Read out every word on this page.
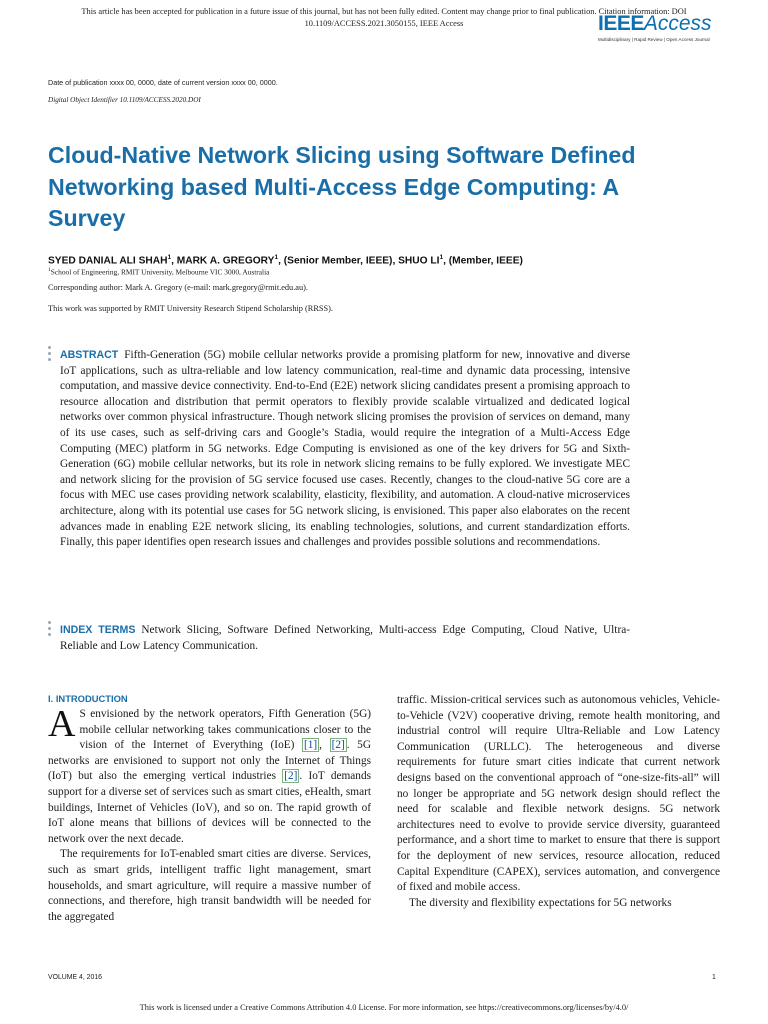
This article has been accepted for publication in a future issue of this journal, but has not been fully edited. Content may change prior to final publication. Citation information: DOI
10.1109/ACCESS.2021.3050155, IEEE Access	IEEEAccess
Multidisciplinary | Rapid Review | Open Access Journal
Date of publication xxxx 00, 0000, date of current version xxxx 00, 0000.
Digital Object Identifier 10.1109/ACCESS.2020.DOI
Cloud-Native Network Slicing using Software Defined Networking based Multi-Access Edge Computing: A Survey
SYED DANIAL ALI SHAH$^1$, MARK A. GREGORY$^1$, (Senior Member, IEEE), SHUO $LI^1$, (Member, IEEE)
$^1$School of Engineering, RMIT University, Melbourne VIC 3000, Australia
Corresponding author: Mark A. Gregory (e-mail: mark.gregory@rmit.edu.au).
This work was supported by RMIT University Research Stipend Scholarship (RRSS).
ABSTRACT Fifth-Generation (5G) mobile cellular networks provide a promising platform for new, innovative and diverse IoT applications, such as ultra-reliable and low latency communication, real-time and dynamic data processing, intensive computation, and massive device connectivity. End-to-End (E2E) network slicing candidates present a promising approach to resource allocation and distribution that permit operators to flexibly provide scalable virtualized and dedicated logical networks over common physical infrastructure. Though network slicing promises the provision of services on demand, many of its use cases, such as self-driving cars and Google’s Stadia, would require the integration of a Multi-Access Edge Computing (MEC) platform in 5G networks. Edge Computing is envisioned as one of the key drivers for 5G and Sixth-Generation (6G) mobile cellular networks, but its role in network slicing remains to be fully explored. We investigate MEC and network slicing for the provision of 5G service focused use cases. Recently, changes to the cloud-native 5G core are a focus with MEC use cases providing network scalability, elasticity, flexibility, and automation. A cloud-native microservices architecture, along with its potential use cases for 5G network slicing, is envisioned. This paper also elaborates on the recent advances made in enabling E2E network slicing, its enabling technologies, solutions, and current standardization efforts. Finally, this paper identifies open research issues and challenges and provides possible solutions and recommendations.
INDEX TERMS Network Slicing, Software Defined Networking, Multi-access Edge Computing, Cloud Native, Ultra-Reliable and Low Latency Communication.
I. INTRODUCTION

A S envisioned by the network operators, Fifth Generation (5G) mobile cellular networking takes communications closer to the vision of the Internet of Everything (IoE) [1] , [2] . 5G networks are envisioned to support not only the Internet of Things (IoT) but also the emerging vertical industries [2] . IoT demands support for a diverse set of services such as smart cities, eHealth, smart buildings, Internet of Vehicles (IoV), and so on. The rapid growth of IoT alone means that billions of devices will be connected to the network over the next decade.

The requirements for IoT-enabled smart cities are diverse. Services, such as smart grids, intelligent traffic light management, smart households, and smart agriculture, will require a massive number of connections, and therefore, high transit bandwidth will be needed for the aggregated

traffic. Mission-critical services such as autonomous vehicles, Vehicle-to-Vehicle (V2V) cooperative driving, remote health monitoring, and industrial control will require Ultra-Reliable and Low Latency Communication (URLLC). The heterogeneous and diverse requirements for future smart cities indicate that current network designs based on the conventional approach of “one-size-fits-all” will no longer be appropriate and 5G network design should reflect the need for scalable and flexible network designs. 5G network architectures need to evolve to provide service diversity, guaranteed performance, and a short time to market to ensure that there is support for the deployment of new services, resource allocation, reduced Capital Expenditure (CAPEX), services automation, and convergence of fixed and mobile access.

The diversity and flexibility expectations for 5G networks

VOLUME 4, 2016	1
This work is licensed under a Creative Commons Attribution 4.0 License. For more information, see https://creativecommons.org/licenses/by/4.0/
